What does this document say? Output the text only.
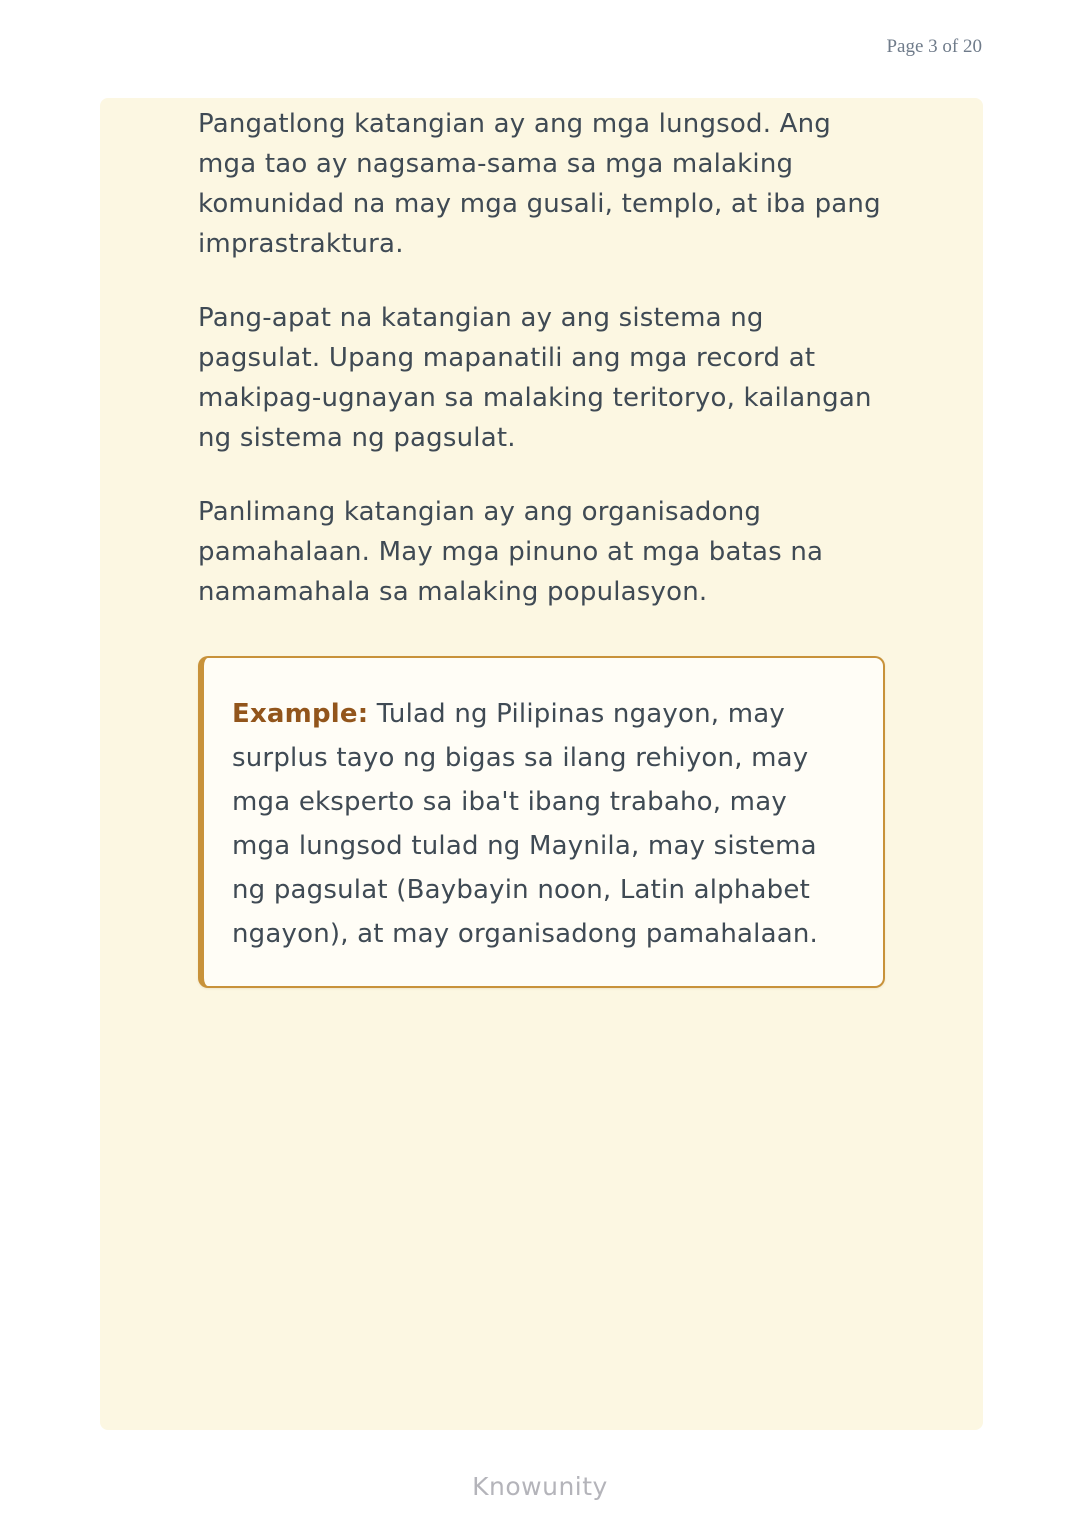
Page 3 of 20

Pangatlong katangian ay ang mga lungsod. Ang mga tao ay nagsama-sama sa mga malaking komunidad na may mga gusali, templo, at iba pang imprastraktura.

Pang-apat na katangian ay ang sistema ng pagsulat. Upang mapanatili ang mga record at makipag-ugnayan sa malaking teritoryo, kailangan ng sistema ng pagsulat.

Panlimang katangian ay ang organisadong pamahalaan. May mga pinuno at mga batas na namamahala sa malaking populasyon.

Example: Tulad ng Pilipinas ngayon, may surplus tayo ng bigas sa ilang rehiyon, may mga eksperto sa iba't ibang trabaho, may mga lungsod tulad ng Maynila, may sistema ng pagsulat (Baybayin noon, Latin alphabet ngayon), at may organisadong pamahalaan.

Knowunity
